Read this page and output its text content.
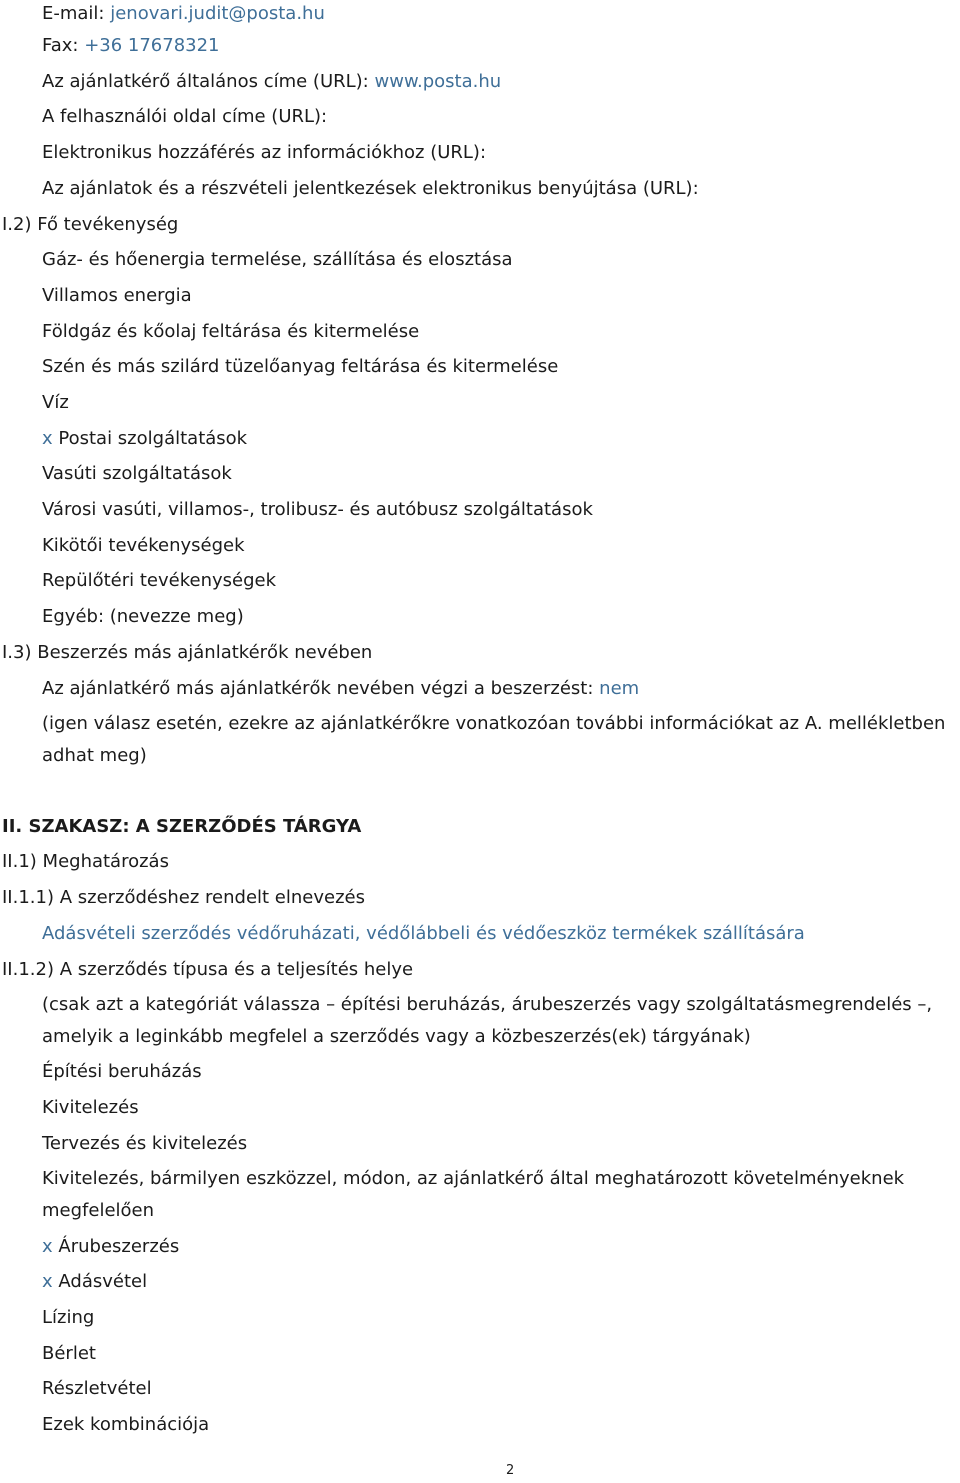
E-mail: jenovari.judit@posta.hu
Fax: +36 17678321
Az ajánlatkérő általános címe (URL): www.posta.hu
A felhasználói oldal címe (URL):
Elektronikus hozzáférés az információkhoz (URL):
Az ajánlatok és a részvételi jelentkezések elektronikus benyújtása (URL):
I.2) Fő tevékenység
Gáz- és hőenergia termelése, szállítása és elosztása
Villamos energia
Földgáz és kőolaj feltárása és kitermelése
Szén és más szilárd tüzelőanyag feltárása és kitermelése
Víz
x Postai szolgáltatások
Vasúti szolgáltatások
Városi vasúti, villamos-, trolibusz- és autóbusz szolgáltatások
Kikötői tevékenységek
Repülőtéri tevékenységek
Egyéb: (nevezze meg)
I.3) Beszerzés más ajánlatkérők nevében
Az ajánlatkérő más ajánlatkérők nevében végzi a beszerzést: nem
(igen válasz esetén, ezekre az ajánlatkérőkre vonatkozóan további információkat az A. mellékletben
adhat meg)
II. SZAKASZ: A SZERZŐDÉS TÁRGYA
II.1) Meghatározás
II.1.1) A szerződéshez rendelt elnevezés
Adásvételi szerződés védőruházati, védőlábbeli és védőeszköz termékek szállítására
II.1.2) A szerződés típusa és a teljesítés helye
(csak azt a kategóriát válassza – építési beruházás, árubeszerzés vagy szolgáltatásmegrendelés –,
amelyik a leginkább megfelel a szerződés vagy a közbeszerzés(ek) tárgyának)
Építési beruházás
Kivitelezés
Tervezés és kivitelezés
Kivitelezés, bármilyen eszközzel, módon, az ajánlatkérő által meghatározott követelményeknek
megfelelően
x Árubeszerzés
x Adásvétel
Lízing
Bérlet
Részletvétel
Ezek kombinációja
2
